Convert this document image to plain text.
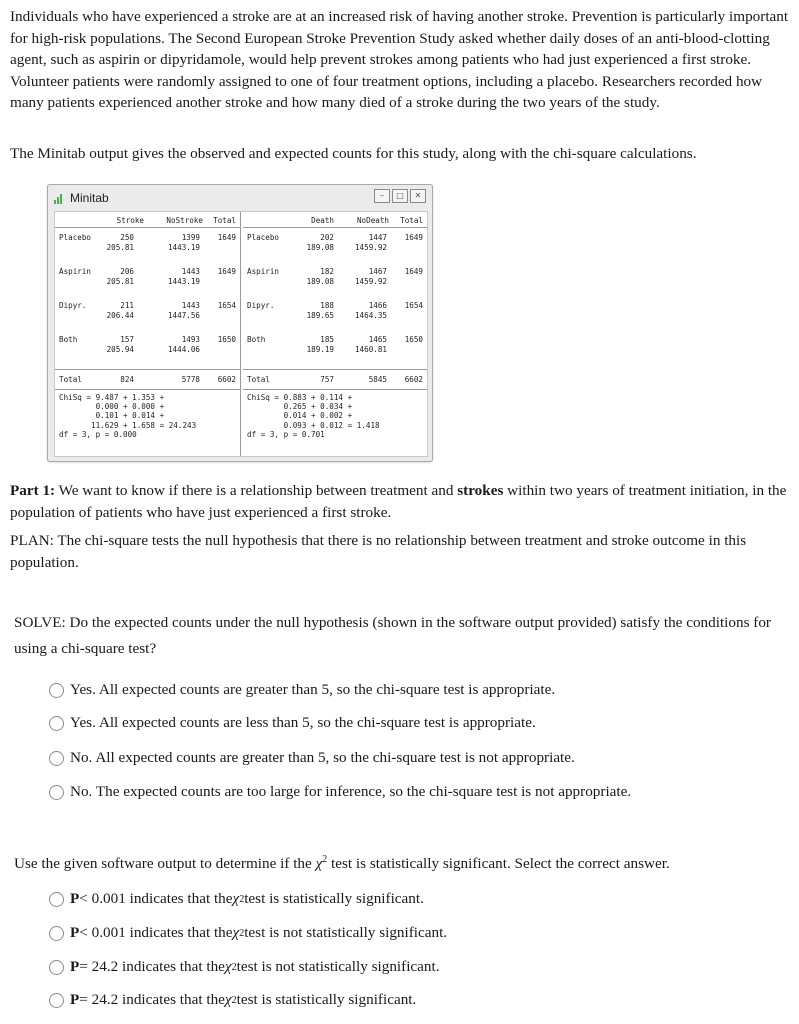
Individuals who have experienced a stroke are at an increased risk of having another stroke. Prevention is particularly important for high-risk populations. The Second European Stroke Prevention Study asked whether daily doses of an anti-blood-clotting agent, such as aspirin or dipyridamole, would help prevent strokes among patients who had just experienced a first stroke. Volunteer patients were randomly assigned to one of four treatment options, including a placebo. Researchers recorded how many patients experienced another stroke and how many died of a stroke during the two years of the study.

The Minitab output gives the observed and expected counts for this study, along with the chi-square calculations.

Minitab	–	□	✕
Stroke	NoStroke Total
Placebo	250	1399 1649
205.81	1443.19
Aspirin	206	1443 1649
205.81	1443.19
Dipyr.	211	1443 1654
206.44	1447.56
Both	157	1493 1650
205.94	1444.06
Total	824	5778 6602
ChiSq = 9.487 + 1.353 +
0.000 + 0.000 +
0.101 + 0.014 +
11.629 + 1.658 = 24.243
df = 3, p = 0.000
Death	NoDeath Total
Placebo	202	1447 1649
189.08	1459.92
Aspirin	182	1467 1649
189.08	1459.92
Dipyr.	188	1466 1654
189.65	1464.35
Both	185	1465 1650
189.19	1460.81
Total	757	5845 6602
ChiSq = 0.883 + 0.114 +
0.265 + 0.034 +
0.014 + 0.002 +
0.093 + 0.012 = 1.418
df = 3, p = 0.701

Part 1: We want to know if there is a relationship between treatment and strokes within two years of treatment initiation, in the population of patients who have just experienced a first stroke.

PLAN: The chi-square tests the null hypothesis that there is no relationship between treatment and stroke outcome in this population.

SOLVE: Do the expected counts under the null hypothesis (shown in the software output provided) satisfy the conditions for using a chi-square test?

Yes. All expected counts are greater than 5, so the chi-square test is appropriate.
Yes. All expected counts are less than 5, so the chi-square test is appropriate.
No. All expected counts are greater than 5, so the chi-square test is not appropriate.
No. The expected counts are too large for inference, so the chi-square test is not appropriate.

Use the given software output to determine if the $\chi^2$ test is statistically significant. Select the correct answer.

P < 0.001 indicates that the χ 2 test is statistically significant.
P < 0.001 indicates that the χ 2 test is not statistically significant.
P = 24.2 indicates that the χ 2 test is not statistically significant.
P = 24.2 indicates that the χ 2 test is statistically significant.
